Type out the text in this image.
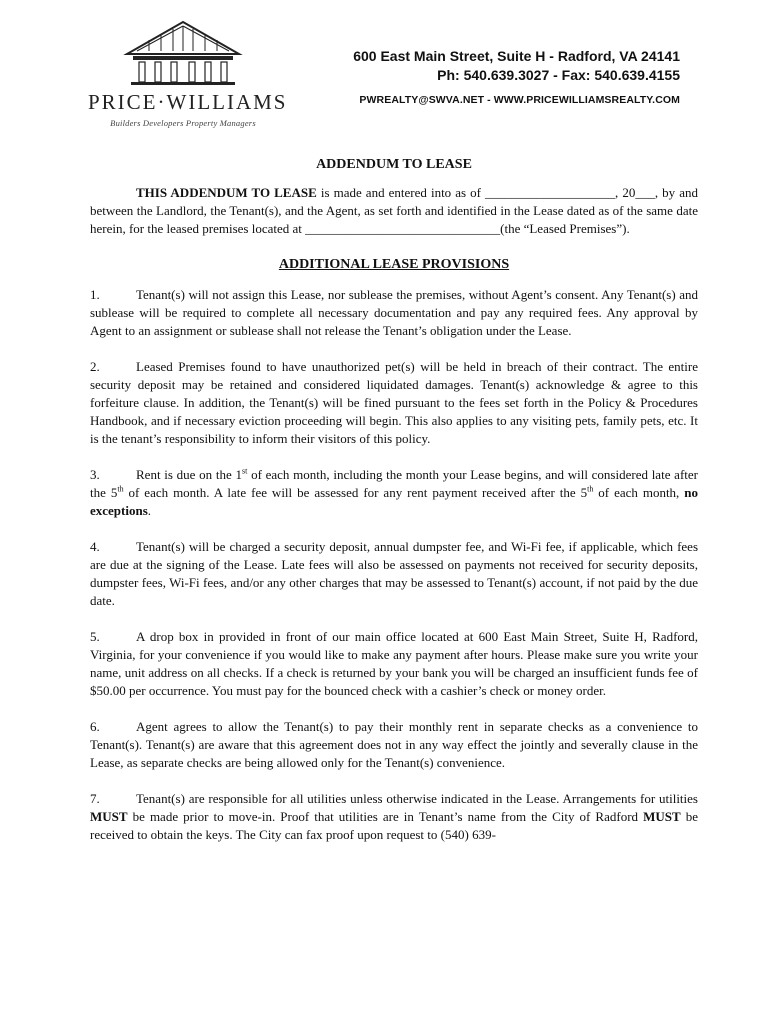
PRICE·WILLIAMS
Builders Developers Property Managers
600 East Main Street, Suite H - Radford, VA 24141
Ph: 540.639.3027 - Fax: 540.639.4155
PWREALTY@SWVA.NET - WWW.PRICEWILLIAMSREALTY.COM
ADDENDUM TO LEASE

THIS ADDENDUM TO LEASE is made and entered into as of ____________________, 20___, by and between the Landlord, the Tenant(s), and the Agent, as set forth and identified in the Lease dated as of the same date herein, for the leased premises located at ______________________________(the “Leased Premises”).

ADDITIONAL LEASE PROVISIONS

1.	Tenant(s) will not assign this Lease, nor sublease the premises, without Agent’s consent. Any Tenant(s) and sublease will be required to complete all necessary documentation and pay any required fees. Any approval by Agent to an assignment or sublease shall not release the Tenant’s obligation under the Lease.

2.	Leased Premises found to have unauthorized pet(s) will be held in breach of their contract. The entire security deposit may be retained and considered liquidated damages. Tenant(s) acknowledge & agree to this forfeiture clause. In addition, the Tenant(s) will be fined pursuant to the fees set forth in the Policy & Procedures Handbook, and if necessary eviction proceeding will begin. This also applies to any visiting pets, family pets, etc. It is the tenant’s responsibility to inform their visitors of this policy.

3.	Rent is due on the 1st of each month, including the month your Lease begins, and will considered late after the 5th of each month. A late fee will be assessed for any rent payment received after the 5th of each month, no exceptions.

4.	Tenant(s) will be charged a security deposit, annual dumpster fee, and Wi-Fi fee, if applicable, which fees are due at the signing of the Lease. Late fees will also be assessed on payments not received for security deposits, dumpster fees, Wi-Fi fees, and/or any other charges that may be assessed to Tenant(s) account, if not paid by the due date.

5.	A drop box in provided in front of our main office located at 600 East Main Street, Suite H, Radford, Virginia, for your convenience if you would like to make any payment after hours. Please make sure you write your name, unit address on all checks. If a check is returned by your bank you will be charged an insufficient funds fee of $50.00 per occurrence. You must pay for the bounced check with a cashier’s check or money order.

6.	Agent agrees to allow the Tenant(s) to pay their monthly rent in separate checks as a convenience to Tenant(s). Tenant(s) are aware that this agreement does not in any way effect the jointly and severally clause in the Lease, as separate checks are being allowed only for the Tenant(s) convenience.

7.	Tenant(s) are responsible for all utilities unless otherwise indicated in the Lease. Arrangements for utilities MUST be made prior to move-in. Proof that utilities are in Tenant’s name from the City of Radford MUST be received to obtain the keys. The City can fax proof upon request to (540) 639-
